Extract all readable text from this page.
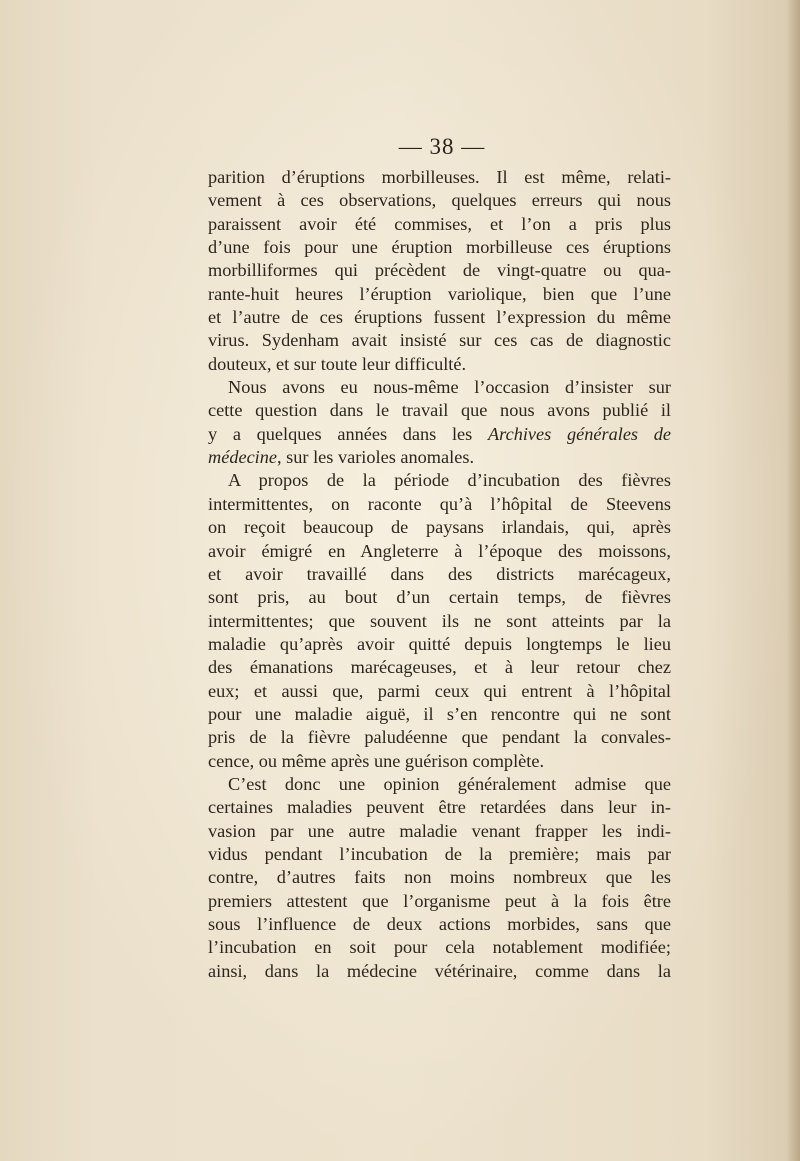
— 38 —
parition d’éruptions morbilleuses. Il est même, relati-
vement à ces observations, quelques erreurs qui nous
paraissent avoir été commises, et l’on a pris plus
d’une fois pour une éruption morbilleuse ces éruptions
morbilliformes qui précèdent de vingt-quatre ou qua-
rante-huit heures l’éruption variolique, bien que l’une
et l’autre de ces éruptions fussent l’expression du même
virus. Sydenham avait insisté sur ces cas de diagnostic
douteux, et sur toute leur difficulté.
Nous avons eu nous-même l’occasion d’insister sur
cette question dans le travail que nous avons publié il
y a quelques années dans les Archives générales de
médecine, sur les varioles anomales.
A propos de la période d’incubation des fièvres
intermittentes, on raconte qu’à l’hôpital de Steevens
on reçoit beaucoup de paysans irlandais, qui, après
avoir émigré en Angleterre à l’époque des moissons,
et avoir travaillé dans des districts marécageux,
sont pris, au bout d’un certain temps, de fièvres
intermittentes; que souvent ils ne sont atteints par la
maladie qu’après avoir quitté depuis longtemps le lieu
des émanations marécageuses, et à leur retour chez
eux; et aussi que, parmi ceux qui entrent à l’hôpital
pour une maladie aiguë, il s’en rencontre qui ne sont
pris de la fièvre paludéenne que pendant la convales-
cence, ou même après une guérison complète.
C’est donc une opinion généralement admise que
certaines maladies peuvent être retardées dans leur in-
vasion par une autre maladie venant frapper les indi-
vidus pendant l’incubation de la première; mais par
contre, d’autres faits non moins nombreux que les
premiers attestent que l’organisme peut à la fois être
sous l’influence de deux actions morbides, sans que
l’incubation en soit pour cela notablement modifiée;
ainsi, dans la médecine vétérinaire, comme dans la
